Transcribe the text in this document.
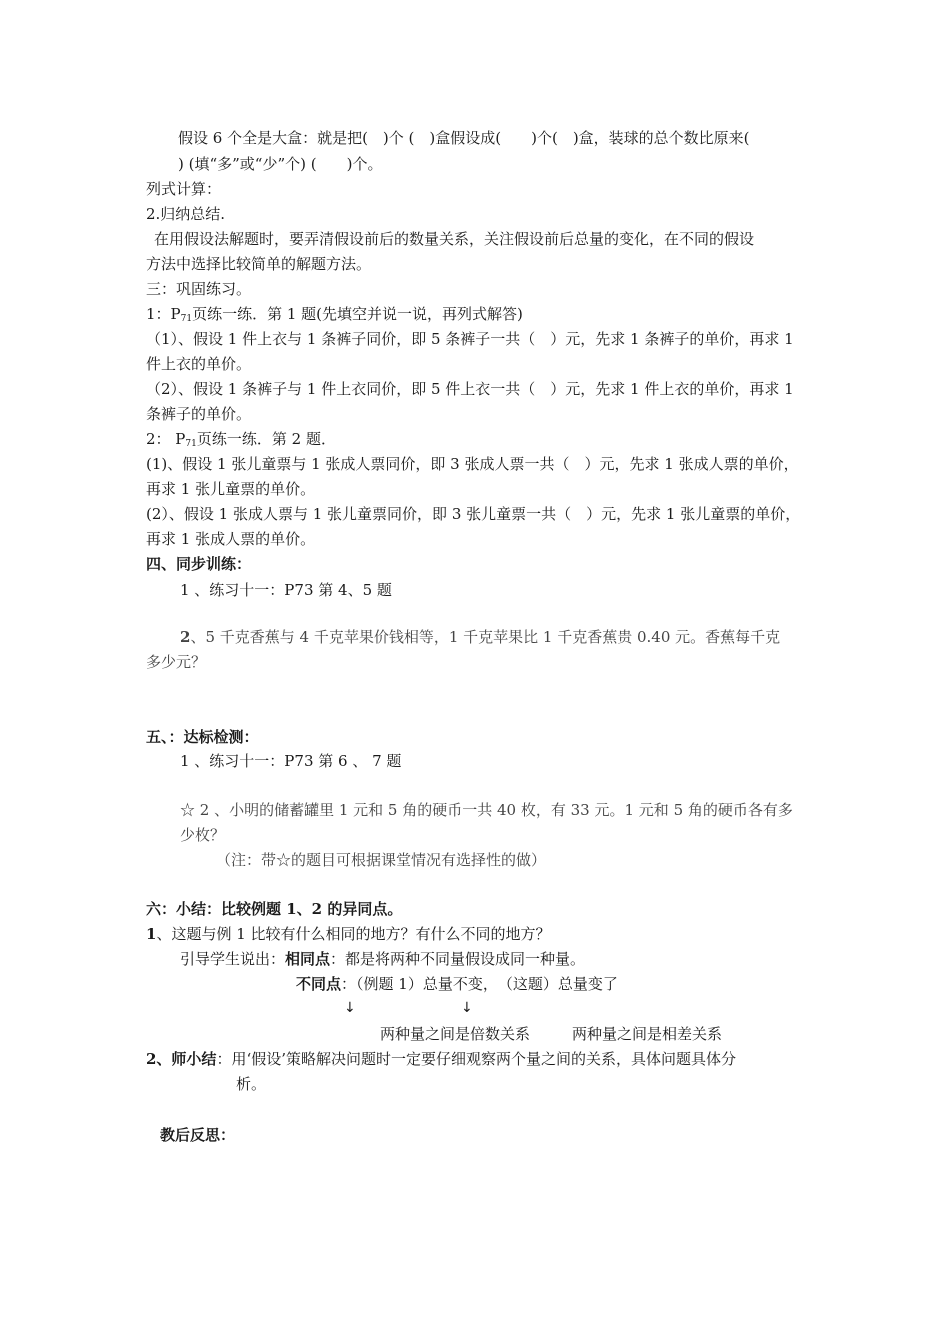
假设 6 个全是大盒：就是把(　)个 (　)盒假设成(　　)个(　)盒，装球的总个数比原来(
) (填“多”或“少”个) (　　)个。
列式计算：
2.归纳总结.
在用假设法解题时，要弄清假设前后的数量关系，关注假设前后总量的变化，在不同的假设
方法中选择比较简单的解题方法。
三：巩固练习。
1：$P_{71}$页练一练．第 1 题(先填空并说一说，再列式解答)
（1）、假设 1 件上衣与 1 条裤子同价，即 5 条裤子一共（　）元，先求 1 条裤子的单价，再求 1
件上衣的单价。
（2）、假设 1 条裤子与 1 件上衣同价，即 5 件上衣一共（　）元，先求 1 件上衣的单价，再求 1
条裤子的单价。
2： $P_{71}$页练一练．第 2 题．
(1)、假设 1 张儿童票与 1 张成人票同价，即 3 张成人票一共（　）元，先求 1 张成人票的单价，
再求 1 张儿童票的单价。
(2）、假设 1 张成人票与 1 张儿童票同价，即 3 张儿童票一共（　）元，先求 1 张儿童票的单价，
再求 1 张成人票的单价。
四、同步训练：
1 、练习十一：P73 第 4、5 题
2、5 千克香蕉与 4 千克苹果价钱相等，1 千克苹果比 1 千克香蕉贵 0.40 元。香蕉每千克
多少元？
五、：达标检测：
1 、练习十一：P73 第 6 、 7 题
☆ 2 、小明的储蓄罐里 1 元和 5 角的硬币一共 40 枚，有 33 元。1 元和 5 角的硬币各有多
少枚？
（注：带☆的题目可根据课堂情况有选择性的做）
六：小结：比较例题 1、2 的异同点。
1、这题与例 1 比较有什么相同的地方？有什么不同的地方？
引导学生说出：相同点：都是将两种不同量假设成同一种量。
不同点：（例题 1）总量不变，　（这题）总量变了
↓	↓
两种量之间是倍数关系	两种量之间是相差关系
2、师小结：用‘假设’策略解决问题时一定要仔细观察两个量之间的关系，具体问题具体分
析。
教后反思：
